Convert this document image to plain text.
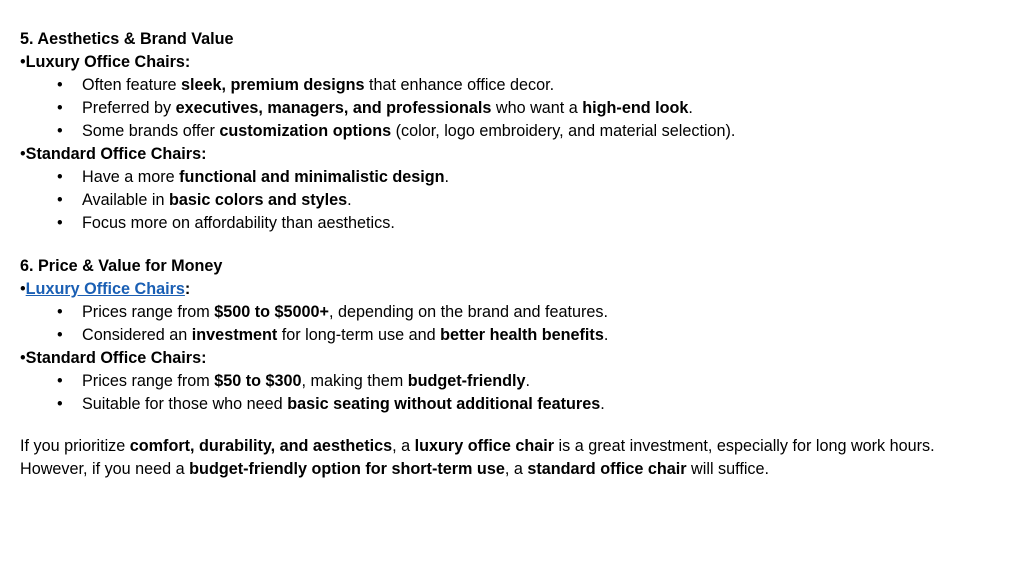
5. Aesthetics & Brand Value
•Luxury Office Chairs:
• Often feature sleek, premium designs that enhance office decor.
• Preferred by executives, managers, and professionals who want a high-end look.
• Some brands offer customization options (color, logo embroidery, and material selection).
•Standard Office Chairs:
• Have a more functional and minimalistic design.
• Available in basic colors and styles.
• Focus more on affordability than aesthetics.
6. Price & Value for Money
•Luxury Office Chairs:
• Prices range from $500 to $5000+, depending on the brand and features.
• Considered an investment for long-term use and better health benefits.
•Standard Office Chairs:
• Prices range from $50 to $300, making them budget-friendly.
• Suitable for those who need basic seating without additional features.

If you prioritize comfort, durability, and aesthetics, a luxury office chair is a great investment, especially for long work hours.

However, if you need a budget-friendly option for short-term use, a standard office chair will suffice.
